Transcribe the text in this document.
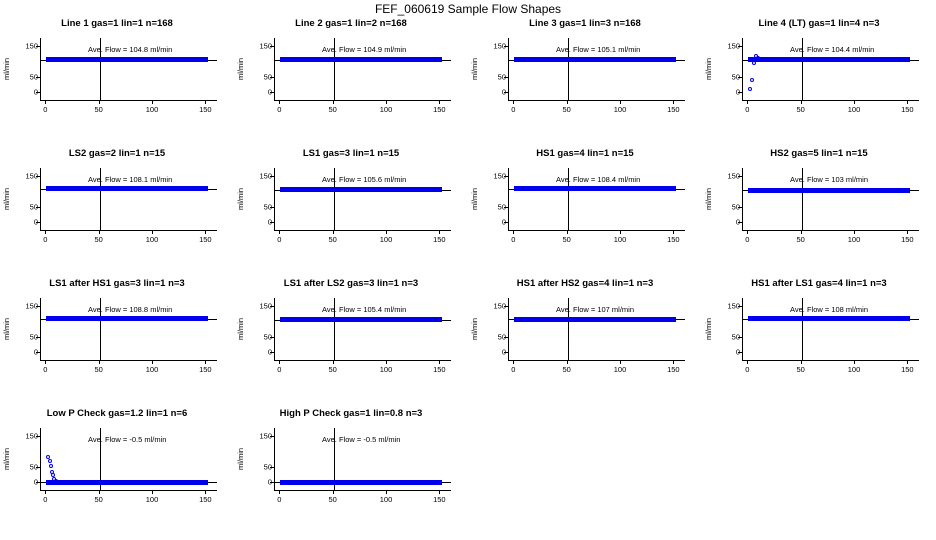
FEF_060619 Sample Flow Shapes
Line 1 gas=1 lin=1 n=168
ml/min
0
50
150
0	50	100	150
Ave. Flow = 104.8 ml/min
Line 2 gas=1 lin=2 n=168
ml/min
0
50
150
0	50	100	150
Ave. Flow = 104.9 ml/min
Line 3 gas=1 lin=3 n=168
ml/min
0
50
150
0	50	100	150
Ave. Flow = 105.1 ml/min
Line 4 (LT) gas=1 lin=4 n=3
ml/min
0
50
150
0	50	100	150
Ave. Flow = 104.4 ml/min
LS2 gas=2 lin=1 n=15
ml/min
0
50
150
0	50	100	150
Ave. Flow = 108.1 ml/min
LS1 gas=3 lin=1 n=15
ml/min
0
50
150
0	50	100	150
Ave. Flow = 105.6 ml/min
HS1 gas=4 lin=1 n=15
ml/min
0
50
150
0	50	100	150
Ave. Flow = 108.4 ml/min
HS2 gas=5 lin=1 n=15
ml/min
0
50
150
0	50	100	150
Ave. Flow = 103 ml/min
LS1 after HS1 gas=3 lin=1 n=3
ml/min
0
50
150
0	50	100	150
Ave. Flow = 108.8 ml/min
LS1 after LS2 gas=3 lin=1 n=3
ml/min
0
50
150
0	50	100	150
Ave. Flow = 105.4 ml/min
HS1 after HS2 gas=4 lin=1 n=3
ml/min
0
50
150
0	50	100	150
Ave. Flow = 107 ml/min
HS1 after LS1 gas=4 lin=1 n=3
ml/min
0
50
150
0	50	100	150
Ave. Flow = 108 ml/min
Low P Check gas=1.2 lin=1 n=6
ml/min
0
50
150
0	50	100	150
Ave. Flow = -0.5 ml/min
High P Check gas=1 lin=0.8 n=3
ml/min
0
50
150
0	50	100	150
Ave. Flow = -0.5 ml/min
